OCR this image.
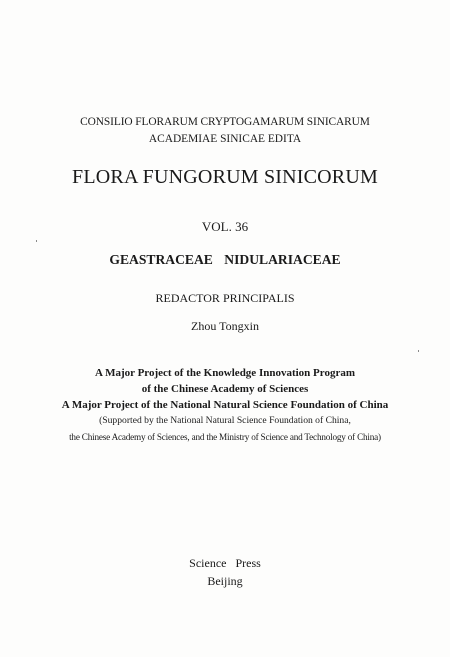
CONSILIO FLORARUM CRYPTOGAMARUM SINICARUM
ACADEMIAE SINICAE EDITA
FLORA FUNGORUM SINICORUM
VOL. 36
GEASTRACEAE NIDULARIACEAE
REDACTOR PRINCIPALIS
Zhou Tongxin
A Major Project of the Knowledge Innovation Program
of the Chinese Academy of Sciences
A Major Project of the National Natural Science Foundation of China
(Supported by the National Natural Science Foundation of China,
the Chinese Academy of Sciences, and the Ministry of Science and Technology of China)
Science Press
Beijing
